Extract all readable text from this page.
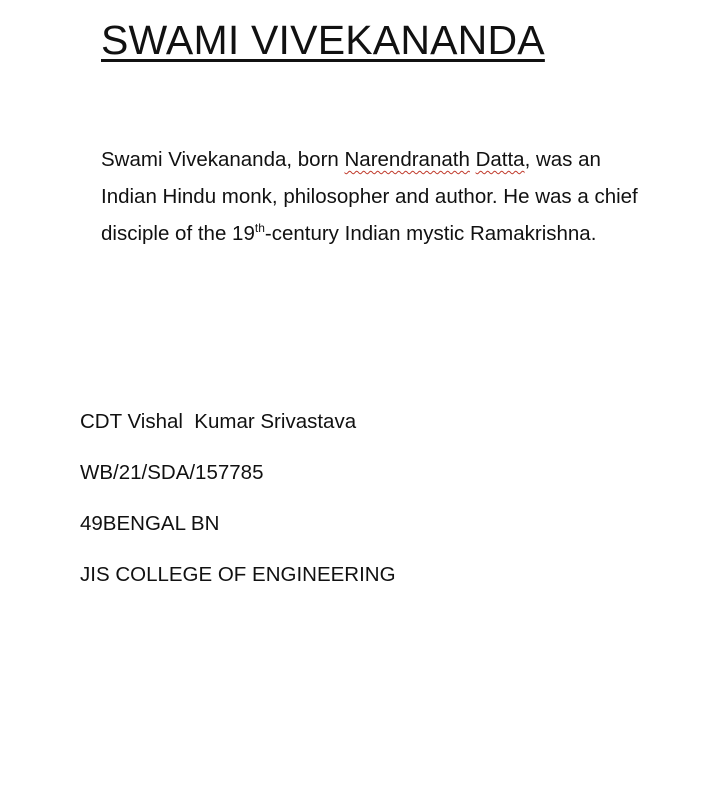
SWAMI VIVEKANANDA

Swami Vivekananda, born Narendranath Datta, was an Indian Hindu monk, philosopher and author. He was a chief disciple of the 19th-century Indian mystic Ramakrishna.

CDT Vishal  Kumar Srivastava

WB/21/SDA/157785

49BENGAL BN

JIS COLLEGE OF ENGINEERING
